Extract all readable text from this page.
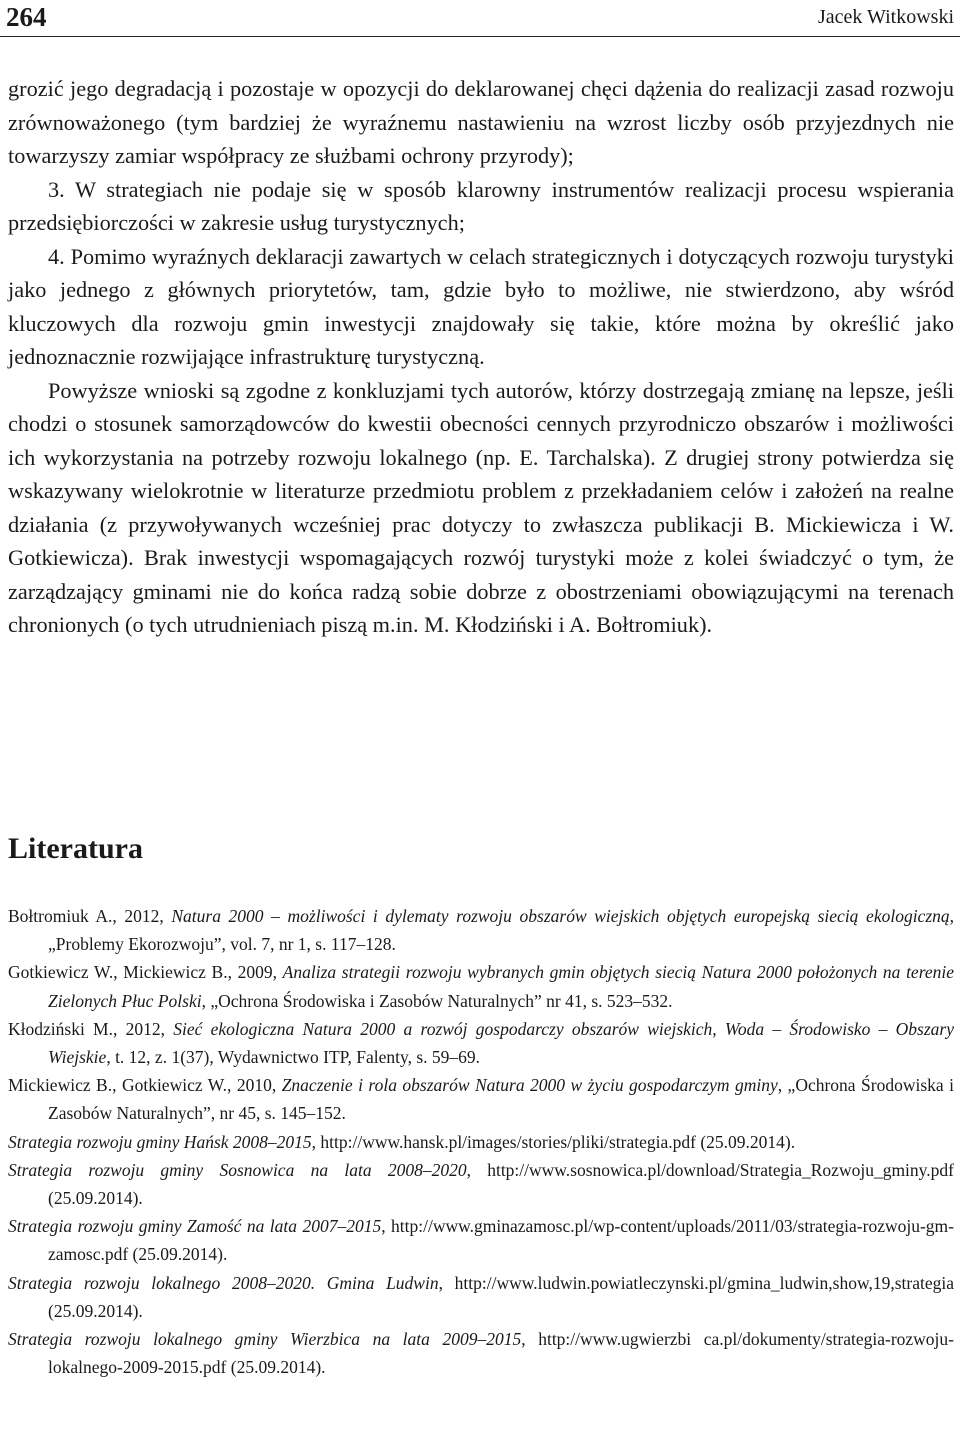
264	Jacek Witkowski

grozić jego degradacją i pozostaje w opozycji do deklarowanej chęci dążenia do realizacji zasad rozwoju zrównoważonego (tym bardziej że wyraźnemu nastawieniu na wzrost liczby osób przyjezdnych nie towarzyszy zamiar współpracy ze służbami ochrony przyrody);

3. W strategiach nie podaje się w sposób klarowny instrumentów realizacji procesu wspierania przedsiębiorczości w zakresie usług turystycznych;

4. Pomimo wyraźnych deklaracji zawartych w celach strategicznych i dotyczących rozwoju turystyki jako jednego z głównych priorytetów, tam, gdzie było to możliwe, nie stwierdzono, aby wśród kluczowych dla rozwoju gmin inwestycji znajdowały się takie, które można by określić jako jednoznacznie rozwijające infrastrukturę turystyczną.

Powyższe wnioski są zgodne z konkluzjami tych autorów, którzy dostrzegają zmianę na lepsze, jeśli chodzi o stosunek samorządowców do kwestii obecności cennych przyrodniczo obszarów i możliwości ich wykorzystania na potrzeby rozwoju lokalnego (np. E. Tarchalska). Z drugiej strony potwierdza się wskazywany wielokrotnie w literaturze przedmiotu problem z przekładaniem celów i założeń na realne działania (z przywoływanych wcześniej prac dotyczy to zwłaszcza publikacji B. Mickiewicza i W. Gotkiewicza). Brak inwestycji wspomagających rozwój turystyki może z kolei świadczyć o tym, że zarządzający gminami nie do końca radzą sobie dobrze z obostrzeniami obowiązującymi na terenach chronionych (o tych utrudnieniach piszą m.in. M. Kłodziński i A. Bołtromiuk).

Literatura

Bołtromiuk A., 2012, Natura 2000 – możliwości i dylematy rozwoju obszarów wiejskich objętych europejską siecią ekologiczną, „Problemy Ekorozwoju”, vol. 7, nr 1, s. 117–128.

Gotkiewicz W., Mickiewicz B., 2009, Analiza strategii rozwoju wybranych gmin objętych siecią Natura 2000 położonych na terenie Zielonych Płuc Polski, „Ochrona Środowiska i Zasobów Naturalnych” nr 41, s. 523–532.

Kłodziński M., 2012, Sieć ekologiczna Natura 2000 a rozwój gospodarczy obszarów wiejskich, Woda – Środowisko – Obszary Wiejskie, t. 12, z. 1(37), Wydawnictwo ITP, Falenty, s. 59–69.

Mickiewicz B., Gotkiewicz W., 2010, Znaczenie i rola obszarów Natura 2000 w życiu gospodarczym gminy, „Ochrona Środowiska i Zasobów Naturalnych”, nr 45, s. 145–152.

Strategia rozwoju gminy Hańsk 2008–2015, http://www.hansk.pl/images/stories/pliki/strategia.pdf (25.09.2014).

Strategia rozwoju gminy Sosnowica na lata 2008–2020, http://www.sosnowica.pl/download/Strategia_Rozwoju_gminy.pdf (25.09.2014).

Strategia rozwoju gminy Zamość na lata 2007–2015, http://www.gminazamosc.pl/wp-content/uploads/2011/03/strategia-rozwoju-gm-zamosc.pdf (25.09.2014).

Strategia rozwoju lokalnego 2008–2020. Gmina Ludwin, http://www.ludwin.powiatleczynski.pl/gmina_ludwin,show,19,strategia (25.09.2014).

Strategia rozwoju lokalnego gminy Wierzbica na lata 2009–2015, http://www.ugwierzbi ca.pl/dokumenty/strategia-rozwoju-lokalnego-2009-2015.pdf (25.09.2014).
